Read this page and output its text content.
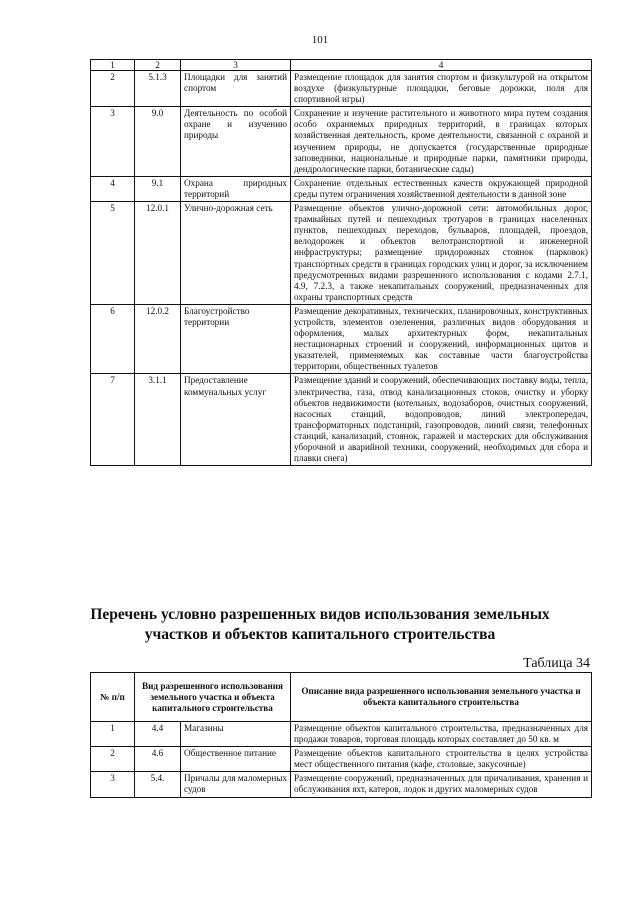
101
1	2	3	4
2	5.1.3	Площадки для занятий спортом	Размещение площадок для занятия спортом и физкультурой на открытом воздухе (физкультурные площадки, беговые дорожки, поля для спортивной игры)
3	9.0	Деятельность по особой охране и изучению природы	Сохранение и изучение растительного и животного мира путем создания особо охраняемых природных территорий, в границах которых хозяйственная деятельность, кроме деятельности, связанной с охраной и изучением природы, не допускается (государственные природные заповедники, национальные и природные парки, памятники природы, дендрологические парки, ботанические сады)
4	9.1	Охрана природных территорий	Сохранение отдельных естественных качеств окружающей природной среды путем ограничения хозяйственной деятельности в данной зоне
5	12.0.1	Улично-дорожная сеть	Размещение объектов улично-дорожной сети: автомобильных дорог, трамвайных путей и пешеходных тротуаров в границах населенных пунктов, пешеходных переходов, бульваров, площадей, проездов, велодорожек и объектов велотранспортной и инженерной инфраструктуры; размещение придорожных стоянок (парковок) транспортных средств в границах городских улиц и дорог, за исключением предусмотренных видами разрешенного использования с кодами 2.7.1, 4.9, 7.2.3, а также некапитальных сооружений, предназначенных для охраны транспортных средств
6	12.0.2	Благоустройство территории	Размещение декоративных, технических, планировочных, конструктивных устройств, элементов озеленения, различных видов оборудования и оформления, малых архитектурных форм, некапитальных нестационарных строений и сооружений, информационных щитов и указателей, применяемых как составные части благоустройства территории, общественных туалетов
7	3.1.1	Предоставление коммунальных услуг	Размещение зданий и сооружений, обеспечивающих поставку воды, тепла, электричества, газа, отвод канализационных стоков, очистку и уборку объектов недвижимости (котельных, водозаборов, очистных сооружений, насосных станций, водопроводов, линий электропередач, трансформаторных подстанций, газопроводов, линий связи, телефонных станций, канализаций, стоянок, гаражей и мастерских для обслуживания уборочной и аварийной техники, сооружений, необходимых для сбора и плавки снега)
Перечень условно разрешенных видов использования земельных участков и объектов капитального строительства
Таблица 34
№ п/п	Вид разрешенного использования земельного участка и объекта капитального строительства		Описание вида разрешенного использования земельного участка и объекта капитального строительства
1	4.4	Магазины	Размещение объектов капитального строительства, предназначенных для продажи товаров, торговая площадь которых составляет до 50 кв. м
2	4.6	Общественное питание	Размещение объектов капитального строительства в целях устройства мест общественного питания (кафе, столовые, закусочные)
3	5.4.	Причалы для маломерных судов	Размещение сооружений, предназначенных для причаливания, хранения и обслуживания яхт, катеров, лодок и других маломерных судов
